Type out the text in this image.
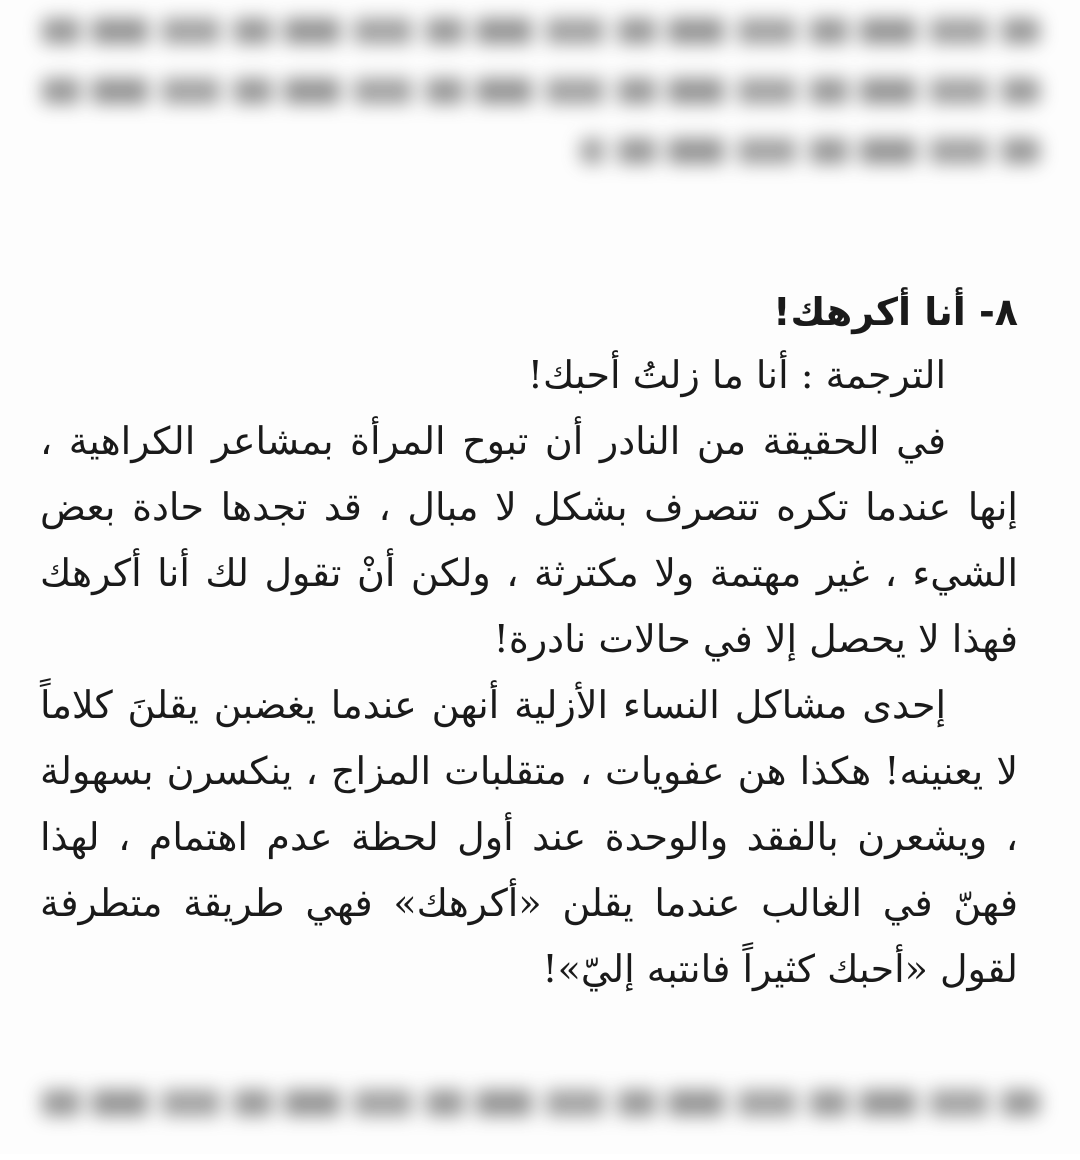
٨- أنا أكرهك!

الترجمة : أنا ما زلتُ أحبك!

في الحقيقة من النادر أن تبوح المرأة بمشاعر الكراهية ، إنها عندما تكره تتصرف بشكل لا مبال ، قد تجدها حادة بعض الشيء ، غير مهتمة ولا مكترثة ، ولكن أنْ تقول لك أنا أكرهك فهذا لا يحصل إلا في حالات نادرة!

إحدى مشاكل النساء الأزلية أنهن عندما يغضبن يقلنَ كلاماً لا يعنينه! هكذا هن عفويات ، متقلبات المزاج ، ينكسرن بسهولة ، ويشعرن بالفقد والوحدة عند أول لحظة عدم اهتمام ، لهذا فهنّ في الغالب عندما يقلن «أكرهك» فهي طريقة متطرفة لقول «أحبك كثيراً فانتبه إليّ»!
